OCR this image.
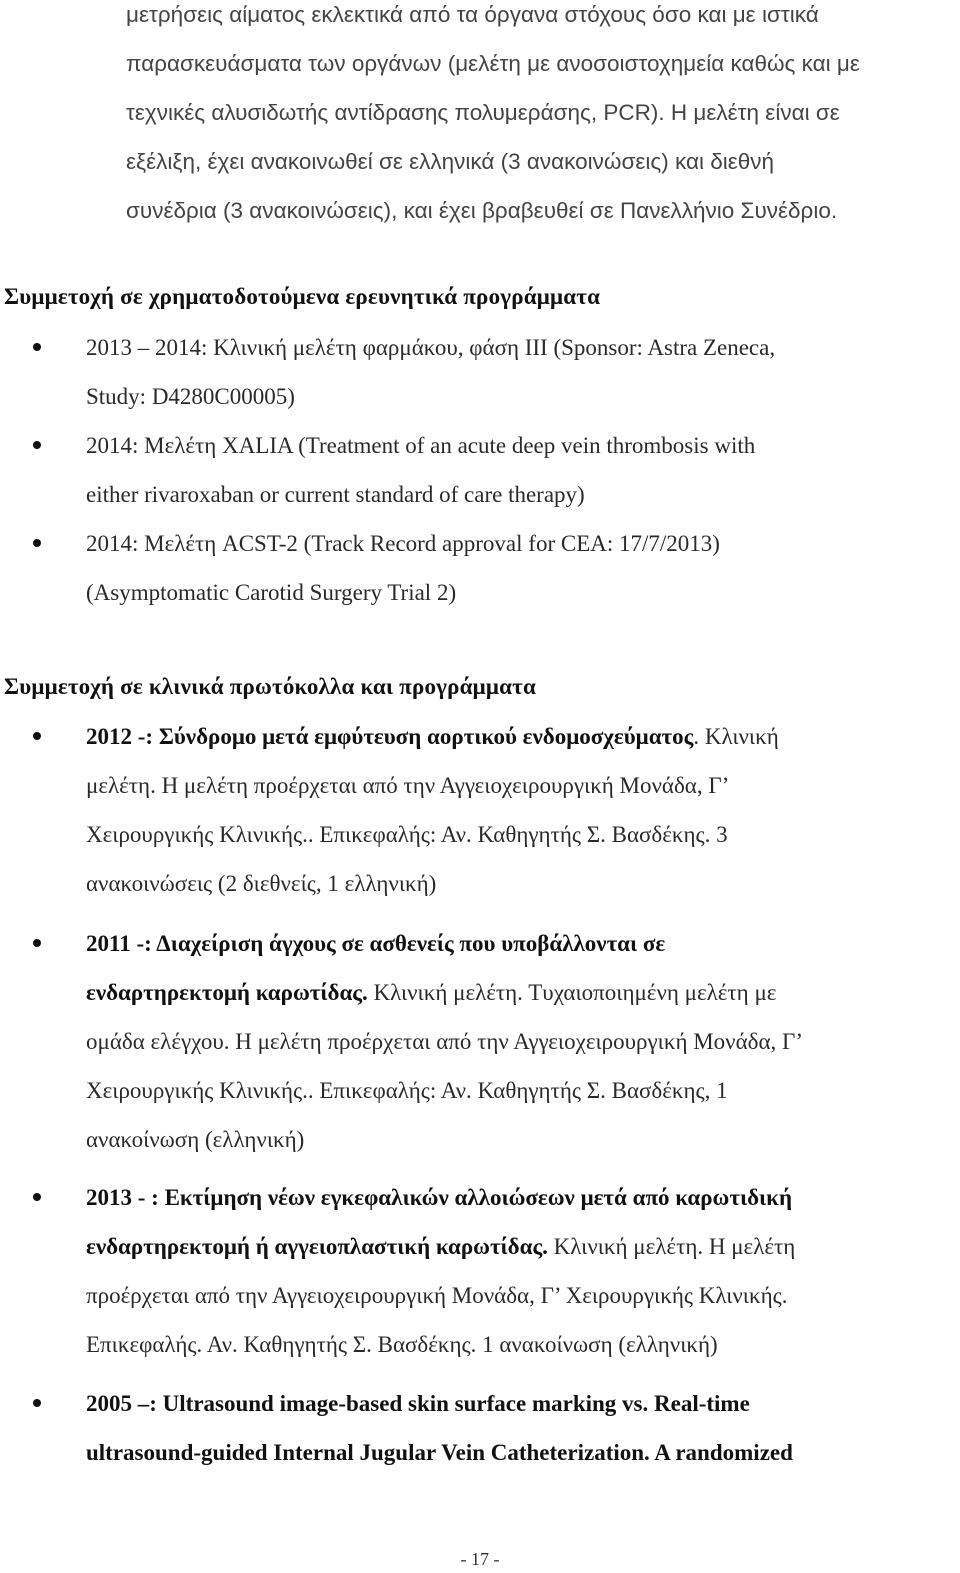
μετρήσεις αίματος εκλεκτικά από τα όργανα στόχους όσο και με ιστικά
παρασκευάσματα των οργάνων (μελέτη με ανοσοιστοχημεία καθώς και με
τεχνικές αλυσιδωτής αντίδρασης πολυμεράσης, PCR). Η μελέτη είναι σε
εξέλιξη, έχει ανακοινωθεί σε ελληνικά (3 ανακοινώσεις) και διεθνή
συνέδρια (3 ανακοινώσεις), και έχει βραβευθεί σε Πανελλήνιο Συνέδριο.
Συμμετοχή σε χρηματοδοτούμενα ερευνητικά προγράμματα
2013 – 2014: Κλινική μελέτη φαρμάκου, φάση III (Sponsor: Astra Zeneca,
Study: D4280C00005)
2014: Μελέτη XALIA (Treatment of an acute deep vein thrombosis with
either rivaroxaban or current standard of care therapy)
2014: Μελέτη ACST-2 (Track Record approval for CEA: 17/7/2013)
(Asymptomatic Carotid Surgery Trial 2)
Συμμετοχή σε κλινικά πρωτόκολλα και προγράμματα
2012 -: Σύνδρομο μετά εμφύτευση αορτικού ενδομοσχεύματος. Κλινική
μελέτη. Η μελέτη προέρχεται από την Αγγειοχειρουργική Μονάδα, Γ’
Χειρουργικής Κλινικής.. Επικεφαλής: Αν. Καθηγητής Σ. Βασδέκης. 3
ανακοινώσεις (2 διεθνείς, 1 ελληνική)
2011 -: Διαχείριση άγχους σε ασθενείς που υποβάλλονται σε
ενδαρτηρεκτομή καρωτίδας. Κλινική μελέτη. Τυχαιοποιημένη μελέτη με
ομάδα ελέγχου. Η μελέτη προέρχεται από την Αγγειοχειρουργική Μονάδα, Γ’
Χειρουργικής Κλινικής.. Επικεφαλής: Αν. Καθηγητής Σ. Βασδέκης, 1
ανακοίνωση (ελληνική)
2013 - : Εκτίμηση νέων εγκεφαλικών αλλοιώσεων μετά από καρωτιδική
ενδαρτηρεκτομή ή αγγειοπλαστική καρωτίδας. Κλινική μελέτη. Η μελέτη
προέρχεται από την Αγγειοχειρουργική Μονάδα, Γ’ Χειρουργικής Κλινικής.
Επικεφαλής. Αν. Καθηγητής Σ. Βασδέκης. 1 ανακοίνωση (ελληνική)
2005 –: Ultrasound image-based skin surface marking vs. Real-time
ultrasound-guided Internal Jugular Vein Catheterization. A randomized
- 17 -
